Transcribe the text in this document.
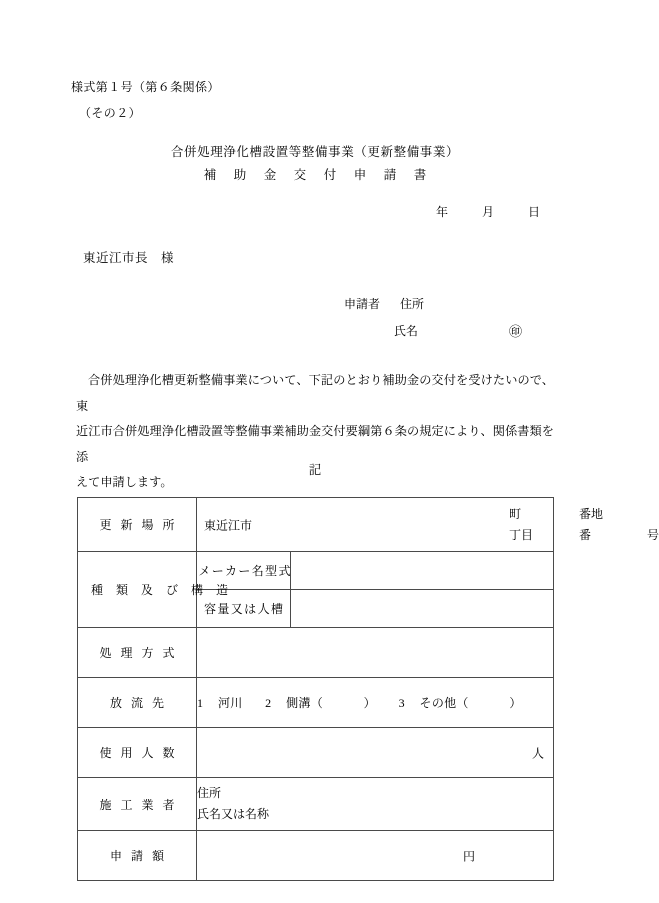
様式第１号（第６条関係）
（その２）
合併処理浄化槽設置等整備事業（更新整備事業）
補助金交付申請書
年　月　日
東近江市長　様
申請者 住所
氏名	㊞

合併処理浄化槽更新整備事業について、下記のとおり補助金の交付を受けたいので、東

近江市合併処理浄化槽設置等整備事業補助金交付要綱第６条の規定により、関係書類を添

えて申請します。

記
更新場所	東近江市
町	番地
丁目	番	号

種類及び構造	メーカー名型式	
	容量又は人槽	
処理方式		
放流先	1 河川 2 側溝（ ） 3 その他（ ）	
使用人数	人	

施工業者	住所
氏名又は名称	

申請額	円	
